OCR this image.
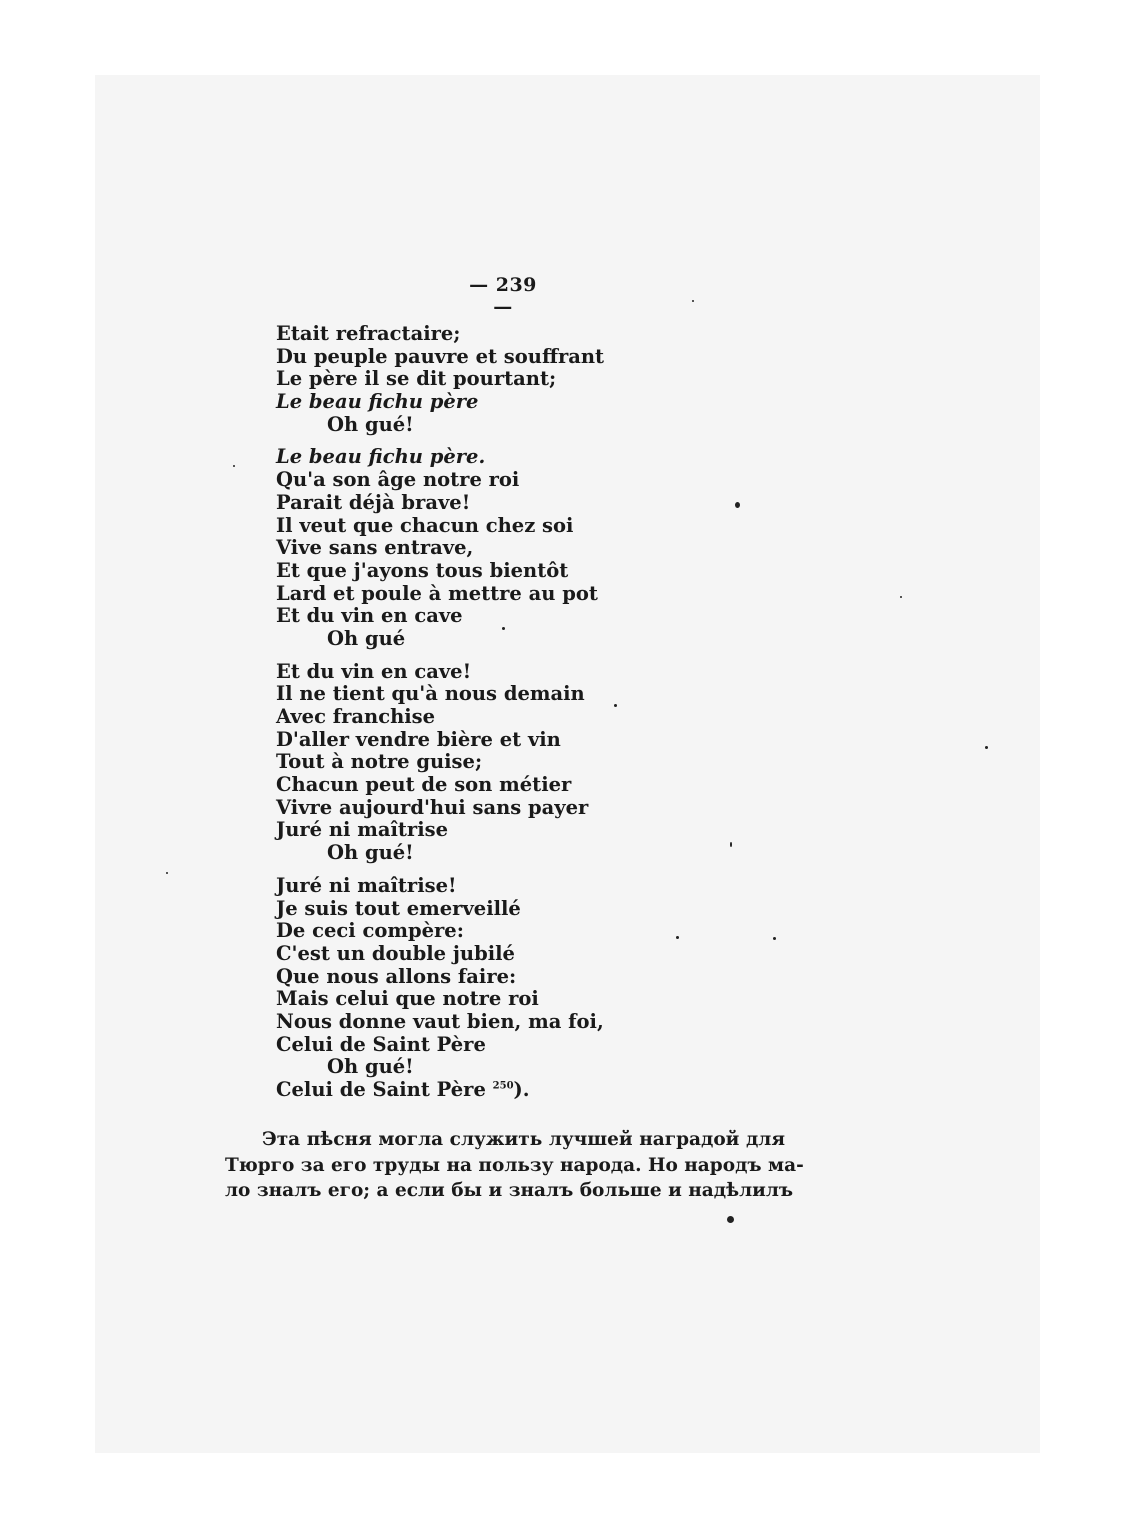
— 239 —
Etait refractaire;
Du peuple pauvre et souffrant
Le père il se dit pourtant;
Le beau fichu père
Oh gué!
Le beau fichu père.
Qu'a son âge notre roi
Parait déjà brave!
Il veut que chacun chez soi
Vive sans entrave,
Et que j'ayons tous bientôt
Lard et poule à mettre au pot
Et du vin en cave
Oh gué
Et du vin en cave!
Il ne tient qu'à nous demain
Avec franchise
D'aller vendre bière et vin
Tout à notre guise;
Chacun peut de son métier
Vivre aujourd'hui sans payer
Juré ni maîtrise
Oh gué!
Juré ni maîtrise!
Je suis tout emerveillé
De ceci compère:
C'est un double jubilé
Que nous allons faire:
Mais celui que notre roi
Nous donne vaut bien, ma foi,
Celui de Saint Père
Oh gué!
Celui de Saint Père $^{250}$).
Эта пѣсня могла служить лучшей наградой для
Тюрго за его труды на пользу народа. Но народъ ма-
ло зналъ его; а если бы и зналъ больше и надѣлилъ
